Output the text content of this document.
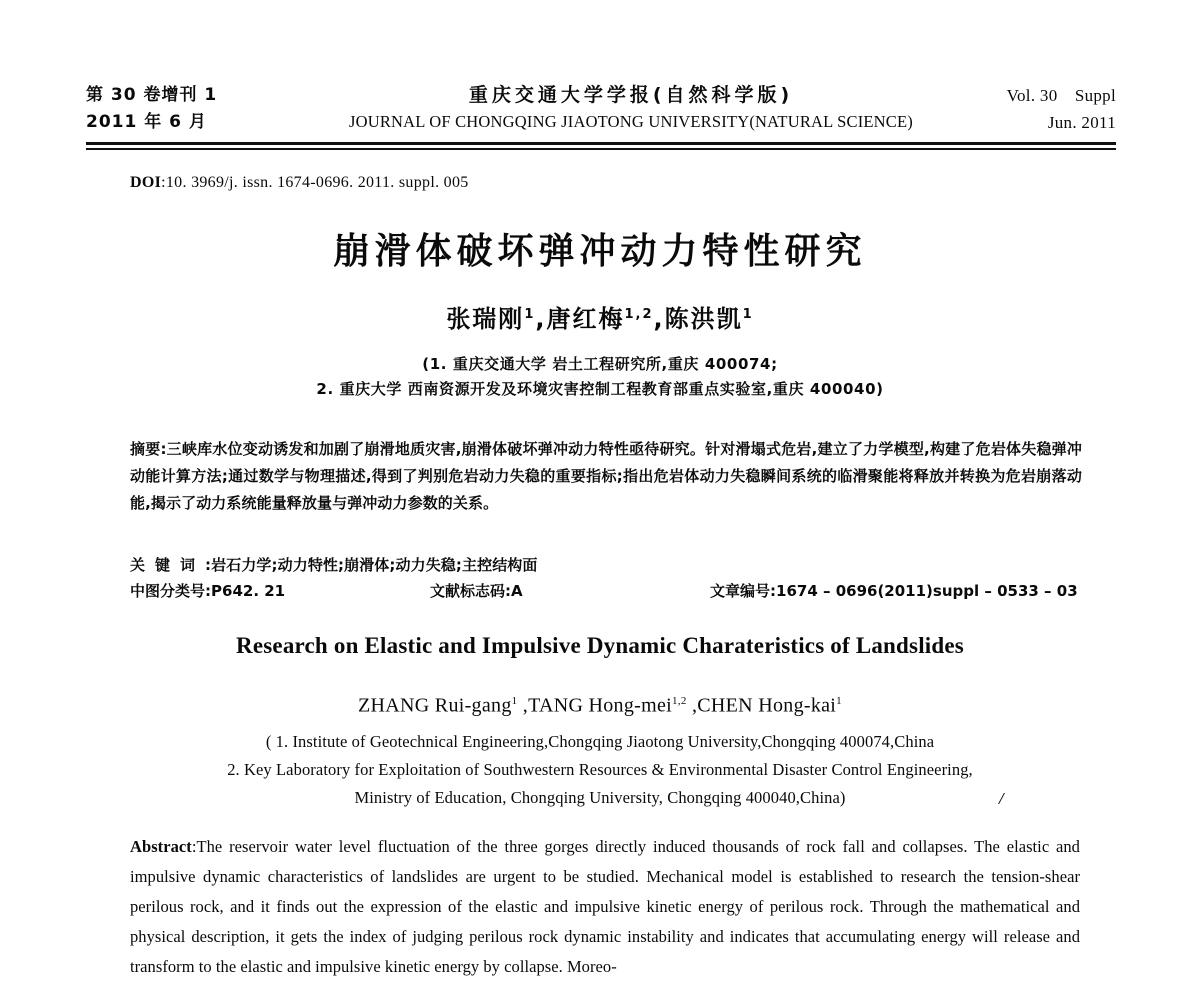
第 30 卷增刊 1
2011 年 6 月
重庆交通大学学报(自然科学版)
JOURNAL OF CHONGQING JIAOTONG UNIVERSITY(NATURAL SCIENCE)
Vol. 30 Suppl
Jun. 2011
DOI:10. 3969/j. issn. 1674-0696. 2011. suppl. 005
崩滑体破坏弹冲动力特性研究
张瑞刚$^1$,唐红梅$^{1,2}$,陈洪凯$^1$
(1. 重庆交通大学 岩土工程研究所,重庆 400074;
2. 重庆大学 西南资源开发及环境灾害控制工程教育部重点实验室,重庆 400040)
摘要:三峡库水位变动诱发和加剧了崩滑地质灾害,崩滑体破坏弹冲动力特性亟待研究。针对滑塌式危岩,建立了力学模型,构建了危岩体失稳弹冲动能计算方法;通过数学与物理描述,得到了判别危岩动力失稳的重要指标;指出危岩体动力失稳瞬间系统的临滑聚能将释放并转换为危岩崩落动能,揭示了动力系统能量释放量与弹冲动力参数的关系。
关键词:岩石力学;动力特性;崩滑体;动力失稳;主控结构面
中图分类号:P642. 21	文献标志码:A	文章编号:1674 – 0696(2011)suppl – 0533 – 03
Research on Elastic and Impulsive Dynamic Charateristics of Landslides
ZHANG Rui-gang$^1$ ,TANG Hong-mei$^{1,2}$ ,CHEN Hong-kai$^1$
( 1. Institute of Geotechnical Engineering,Chongqing Jiaotong University,Chongqing 400074,China
2. Key Laboratory for Exploitation of Southwestern Resources & Environmental Disaster Control Engineering,
Ministry of Education, Chongqing University, Chongqing 400040,China)	/
Abstract:The reservoir water level fluctuation of the three gorges directly induced thousands of rock fall and collapses. The elastic and impulsive dynamic characteristics of landslides are urgent to be studied. Mechanical model is established to research the tension-shear perilous rock, and it finds out the expression of the elastic and impulsive kinetic energy of perilous rock. Through the mathematical and physical description, it gets the index of judging perilous rock dynamic instability and indicates that accumulating energy will release and transform to the elastic and impulsive kinetic energy by collapse. Moreo-
